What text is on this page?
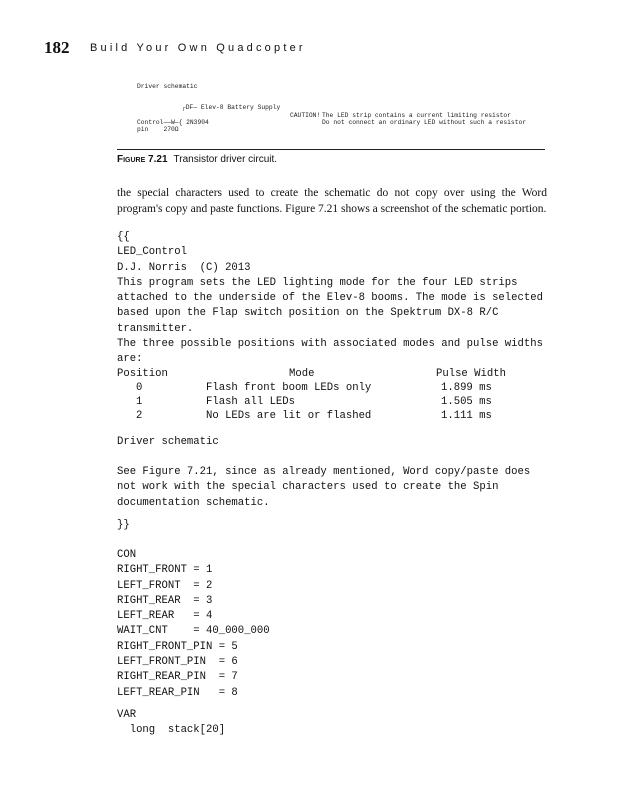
182 Build Your Own Quadcopter
Driver schematic
┌DF— Elev-8 Battery Supply
CAUTION! The LED strip contains a current limiting resistor
Do not connect an ordinary LED without such a resistor
Control——W—{ 2N3904
pin    270Ω
Figure 7.21 Transistor driver circuit.
the special characters used to create the schematic do not copy over using the Word program's copy and paste functions. Figure 7.21 shows a screenshot of the schematic portion.
{{
LED_Control
D.J. Norris  (C) 2013
This program sets the LED lighting mode for the four LED strips
attached to the underside of the Elev-8 booms. The mode is selected
based upon the Flap switch position on the Spektrum DX-8 R/C
transmitter.
The three possible positions with associated modes and pulse widths
are:
Position	Mode	Pulse Width
0	Flash front boom LEDs only	1.899 ms
1	Flash all LEDs	1.505 ms
2	No LEDs are lit or flashed	1.111 ms
Driver schematic
See Figure 7.21, since as already mentioned, Word copy/paste does
not work with the special characters used to create the Spin
documentation schematic.
}}
CON
RIGHT_FRONT = 1
LEFT_FRONT  = 2
RIGHT_REAR  = 3
LEFT_REAR   = 4
WAIT_CNT    = 40_000_000
RIGHT_FRONT_PIN = 5
LEFT_FRONT_PIN  = 6
RIGHT_REAR_PIN  = 7
LEFT_REAR_PIN   = 8
VAR
long  stack[20]
